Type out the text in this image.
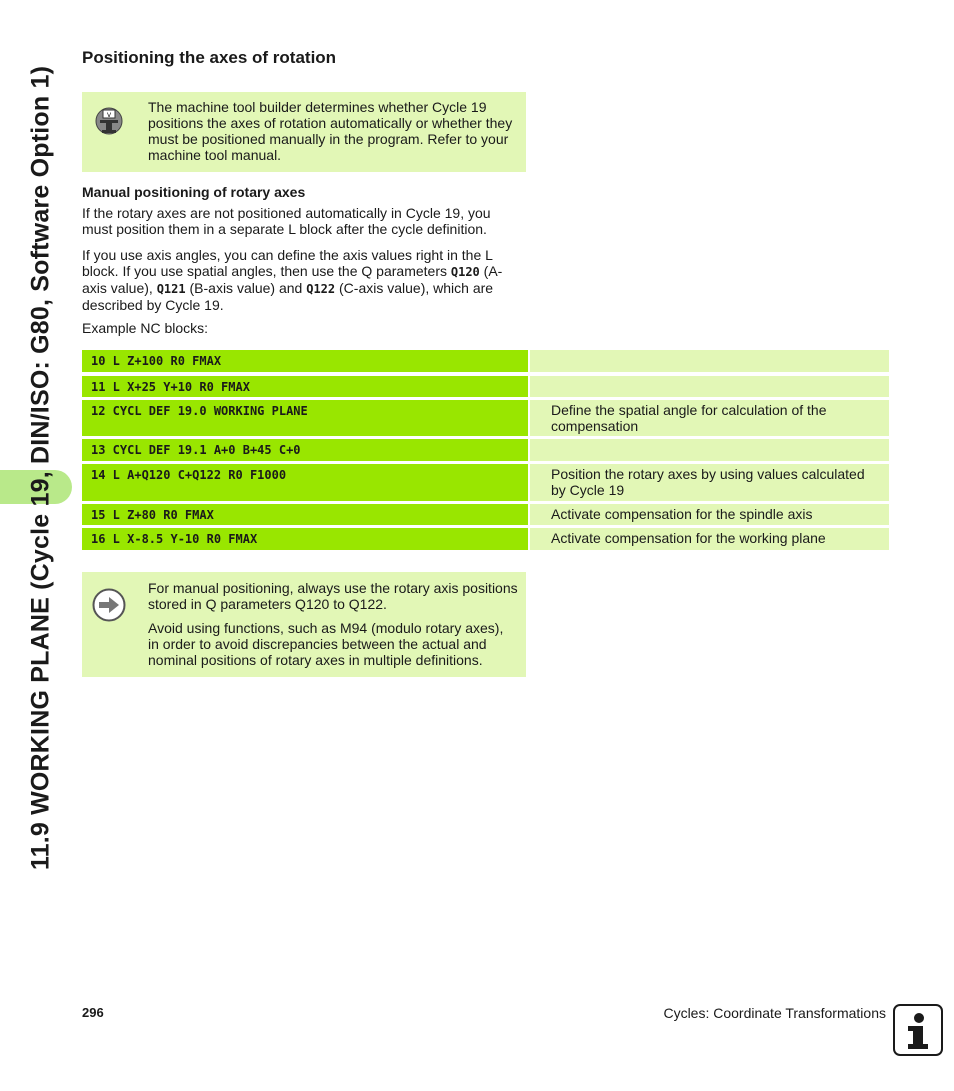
11.9 WORKING PLANE (Cycle 19, DIN/ISO: G80, Software Option 1)
Positioning the axes of rotation
V
The machine tool builder determines whether Cycle 19 positions the axes of rotation automatically or whether they must be positioned manually in the program. Refer to your machine tool manual.
Manual positioning of rotary axes

If the rotary axes are not positioned automatically in Cycle 19, you must position them in a separate L block after the cycle definition.

If you use axis angles, you can define the axis values right in the L block. If you use spatial angles, then use the Q parameters Q120 (A-axis value), Q121 (B-axis value) and Q122 (C-axis value), which are described by Cycle 19.

Example NC blocks:

10 L Z+100 R0 FMAX
11 L X+25 Y+10 R0 FMAX
12 CYCL DEF 19.0 WORKING PLANE	Define the spatial angle for calculation of the compensation
13 CYCL DEF 19.1 A+0 B+45 C+0
14 L A+Q120 C+Q122 R0 F1000	Position the rotary axes by using values calculated by Cycle 19
15 L Z+80 R0 FMAX	Activate compensation for the spindle axis
16 L X-8.5 Y-10 R0 FMAX	Activate compensation for the working plane

For manual positioning, always use the rotary axis positions stored in Q parameters Q120 to Q122.

Avoid using functions, such as M94 (modulo rotary axes), in order to avoid discrepancies between the actual and nominal positions of rotary axes in multiple definitions.

296	Cycles: Coordinate Transformations
